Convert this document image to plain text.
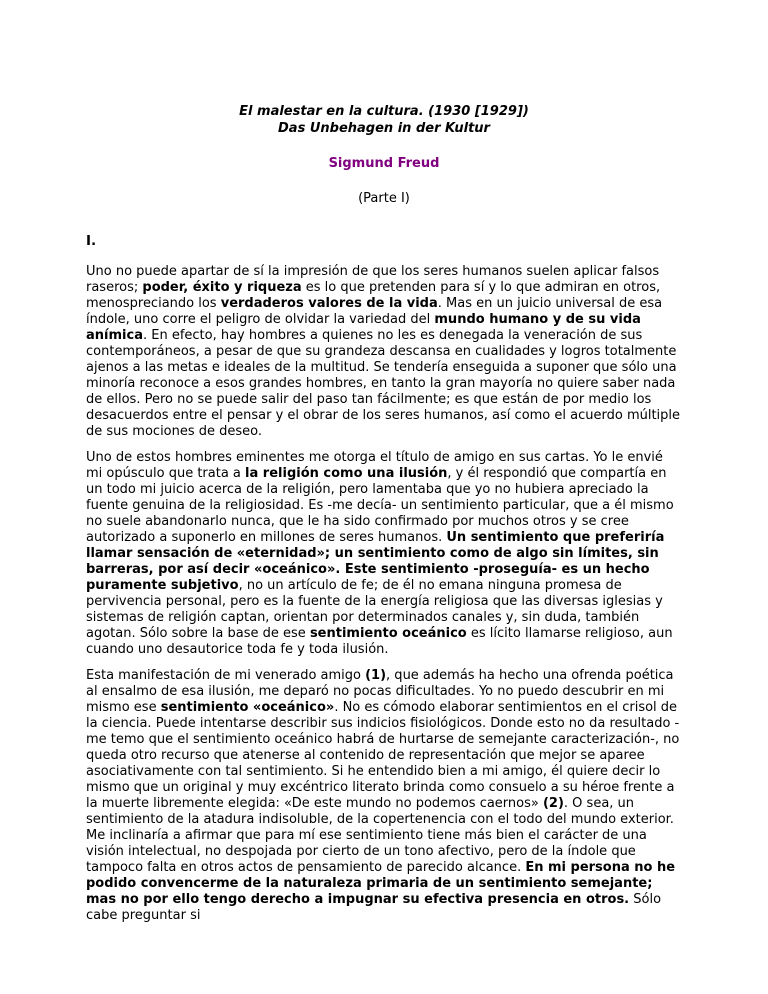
El malestar en la cultura. (1930 [1929])
Das Unbehagen in der Kultur

Sigmund Freud

(Parte I)

I.

Uno no puede apartar de sí la impresión de que los seres humanos suelen aplicar falsos raseros; poder, éxito y riqueza es lo que pretenden para sí y lo que admiran en otros, menospreciando los verdaderos valores de la vida. Mas en un juicio universal de esa índole, uno corre el peligro de olvidar la variedad del mundo humano y de su vida anímica. En efecto, hay hombres a quienes no les es denegada la veneración de sus contemporáneos, a pesar de que su grandeza descansa en cualidades y logros totalmente ajenos a las metas e ideales de la multitud. Se tendería enseguida a suponer que sólo una minoría reconoce a esos grandes hombres, en tanto la gran mayoría no quiere saber nada de ellos. Pero no se puede salir del paso tan fácilmente; es que están de por medio los desacuerdos entre el pensar y el obrar de los seres humanos, así como el acuerdo múltiple de sus mociones de deseo.

Uno de estos hombres eminentes me otorga el título de amigo en sus cartas. Yo le envié mi opúsculo que trata a la religión como una ilusión, y él respondió que compartía en un todo mi juicio acerca de la religión, pero lamentaba que yo no hubiera apreciado la fuente genuina de la religiosidad. Es -me decía- un sentimiento particular, que a él mismo no suele abandonarlo nunca, que le ha sido confirmado por muchos otros y se cree autorizado a suponerlo en millones de seres humanos. Un sentimiento que preferiría llamar sensación de «eternidad»; un sentimiento como de algo sin límites, sin barreras, por así decir «oceánico». Este sentimiento -proseguía- es un hecho puramente subjetivo, no un artículo de fe; de él no emana ninguna promesa de pervivencia personal, pero es la fuente de la energía religiosa que las diversas iglesias y sistemas de religión captan, orientan por determinados canales y, sin duda, también agotan. Sólo sobre la base de ese sentimiento oceánico es lícito llamarse religioso, aun cuando uno desautorice toda fe y toda ilusión.

Esta manifestación de mi venerado amigo (1), que además ha hecho una ofrenda poética al ensalmo de esa ilusión, me deparó no pocas dificultades. Yo no puedo descubrir en mi mismo ese sentimiento «oceánico». No es cómodo elaborar sentimientos en el crisol de la ciencia. Puede intentarse describir sus indicios fisiológicos. Donde esto no da resultado - me temo que el sentimiento oceánico habrá de hurtarse de semejante caracterización-, no queda otro recurso que atenerse al contenido de representación que mejor se aparee asociativamente con tal sentimiento. Si he entendido bien a mi amigo, él quiere decir lo mismo que un original y muy excéntrico literato brinda como consuelo a su héroe frente a la muerte libremente elegida: «De este mundo no podemos caernos» (2). O sea, un sentimiento de la atadura indisoluble, de la copertenencia con el todo del mundo exterior. Me inclinaría a afirmar que para mí ese sentimiento tiene más bien el carácter de una visión intelectual, no despojada por cierto de un tono afectivo, pero de la índole que tampoco falta en otros actos de pensamiento de parecido alcance. En mi persona no he podido convencerme de la naturaleza primaria de un sentimiento semejante; mas no por ello tengo derecho a impugnar su efectiva presencia en otros. Sólo cabe preguntar si
